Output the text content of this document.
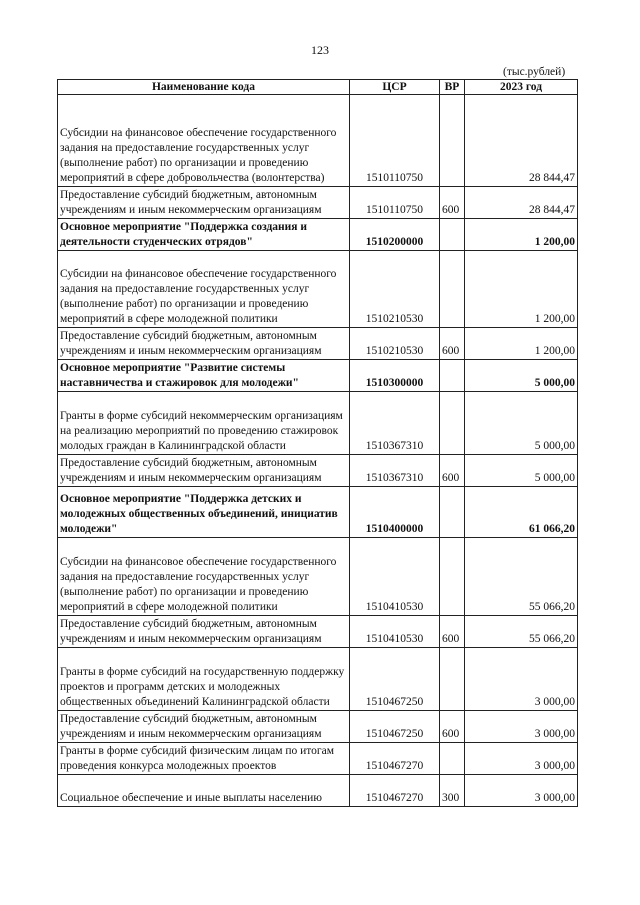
123
(тыс.рублей)
Наименование кода	ЦСР	ВР	2023 год
Субсидии на финансовое обеспечение государственного задания на предоставление государственных услуг (выполнение работ) по организации и проведению мероприятий в сфере добровольчества (волонтерства)	1510110750		28 844,47
Предоставление субсидий бюджетным, автономным учреждениям и иным некоммерческим организациям	1510110750	600	28 844,47
Основное мероприятие "Поддержка создания и деятельности студенческих отрядов"	1510200000		1 200,00
Субсидии на финансовое обеспечение государственного задания на предоставление государственных услуг (выполнение работ) по организации и проведению мероприятий в сфере молодежной политики	1510210530		1 200,00
Предоставление субсидий бюджетным, автономным учреждениям и иным некоммерческим организациям	1510210530	600	1 200,00
Основное мероприятие "Развитие системы наставничества и стажировок для молодежи"	1510300000		5 000,00
Гранты в форме субсидий некоммерческим организациям на реализацию мероприятий по проведению стажировок молодых граждан в Калининградской области	1510367310		5 000,00
Предоставление субсидий бюджетным, автономным учреждениям и иным некоммерческим организациям	1510367310	600	5 000,00
Основное мероприятие "Поддержка детских и молодежных общественных объединений, инициатив молодежи"	1510400000		61 066,20
Субсидии на финансовое обеспечение государственного задания на предоставление государственных услуг (выполнение работ) по организации и проведению мероприятий в сфере молодежной политики	1510410530		55 066,20
Предоставление субсидий бюджетным, автономным учреждениям и иным некоммерческим организациям	1510410530	600	55 066,20
Гранты в форме субсидий на государственную поддержку проектов и программ детских и молодежных общественных объединений Калининградской области	1510467250		3 000,00
Предоставление субсидий бюджетным, автономным учреждениям и иным некоммерческим организациям	1510467250	600	3 000,00
Гранты в форме субсидий физическим лицам по итогам проведения конкурса молодежных проектов	1510467270		3 000,00
Социальное обеспечение и иные выплаты населению	1510467270	300	3 000,00
